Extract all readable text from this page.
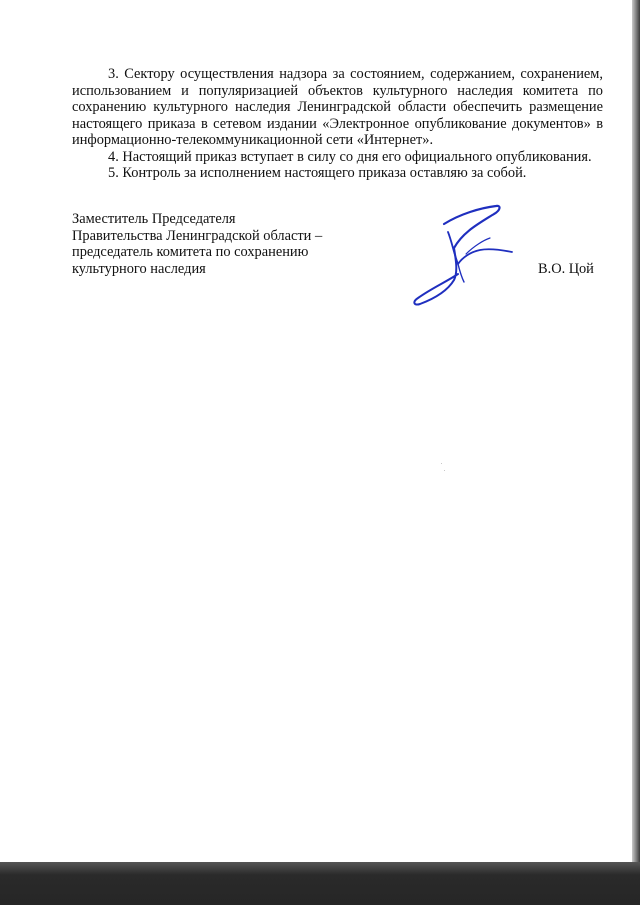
3. Сектору осуществления надзора за состоянием, содержанием, сохранением, использованием и популяризацией объектов культурного наследия комитета по сохранению культурного наследия Ленинградской области обеспечить размещение настоящего приказа в сетевом издании «Электронное опубликование документов» в информационно-телекоммуникационной сети «Интернет».

4. Настоящий приказ вступает в силу со дня его официального опубликования.

5. Контроль за исполнением настоящего приказа оставляю за собой.

Заместитель Председателя
Правительства Ленинградской области –
председатель комитета по сохранению
культурного наследия	В.О. Цой
